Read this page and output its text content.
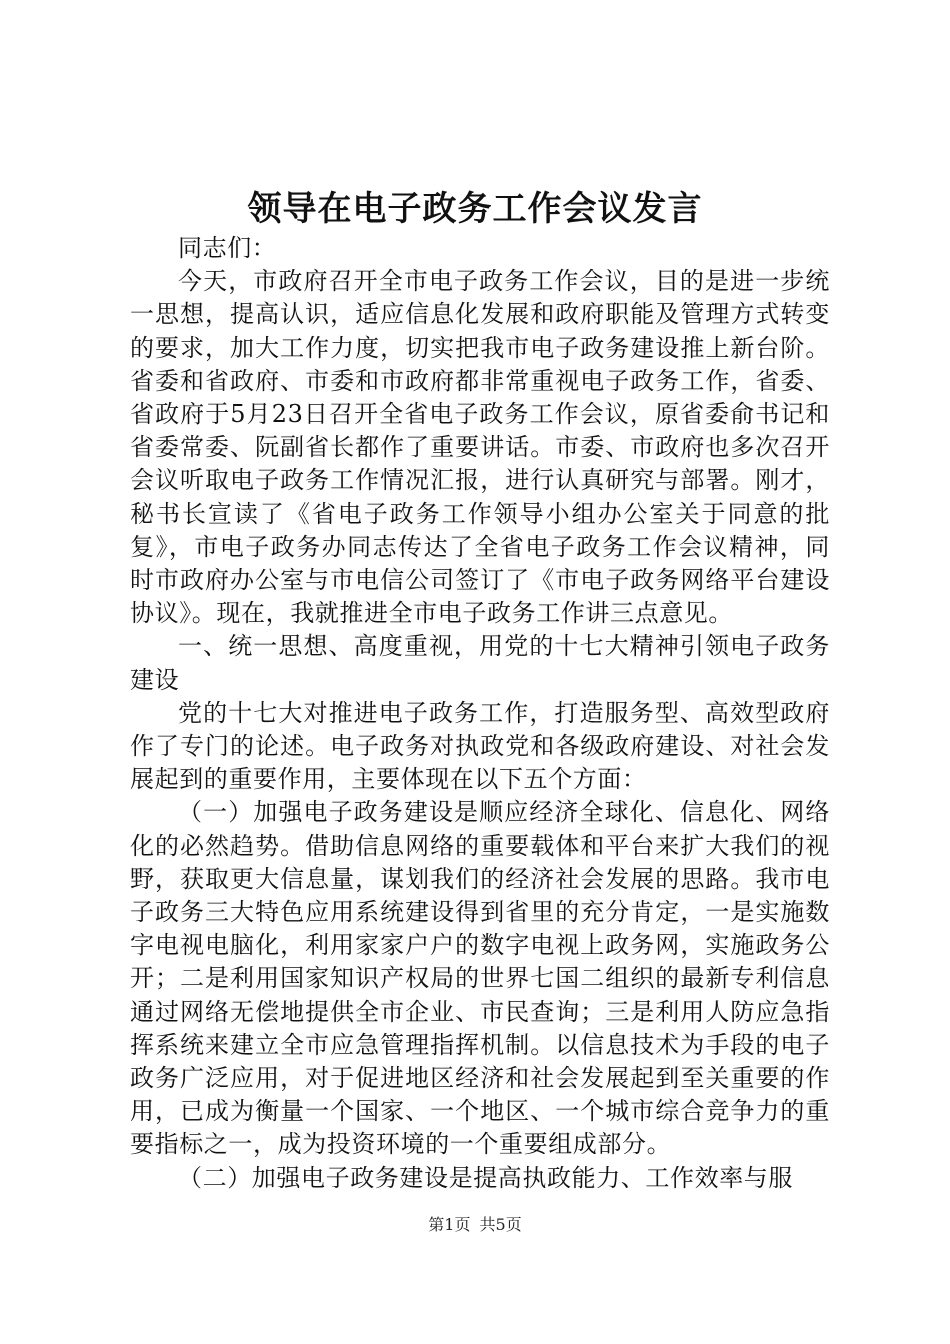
领导在电子政务工作会议发言

同志们：

今天，市政府召开全市电子政务工作会议，目的是进一步统一思想，提高认识，适应信息化发展和政府职能及管理方式转变的要求，加大工作力度，切实把我市电子政务建设推上新台阶。省委和省政府、市委和市政府都非常重视电子政务工作，省委、省政府于5月23日召开全省电子政务工作会议，原省委俞书记和省委常委、阮副省长都作了重要讲话。市委、市政府也多次召开会议听取电子政务工作情况汇报，进行认真研究与部署。刚才，秘书长宣读了《省电子政务工作领导小组办公室关于同意的批复》，市电子政务办同志传达了全省电子政务工作会议精神，同时市政府办公室与市电信公司签订了《市电子政务网络平台建设协议》。现在，我就推进全市电子政务工作讲三点意见。

一、统一思想、高度重视，用党的十七大精神引领电子政务建设

党的十七大对推进电子政务工作，打造服务型、高效型政府作了专门的论述。电子政务对执政党和各级政府建设、对社会发展起到的重要作用，主要体现在以下五个方面：

（一）加强电子政务建设是顺应经济全球化、信息化、网络化的必然趋势。借助信息网络的重要载体和平台来扩大我们的视野，获取更大信息量，谋划我们的经济社会发展的思路。我市电子政务三大特色应用系统建设得到省里的充分肯定，一是实施数字电视电脑化，利用家家户户的数字电视上政务网，实施政务公开；二是利用国家知识产权局的世界七国二组织的最新专利信息通过网络无偿地提供全市企业、市民查询；三是利用人防应急指挥系统来建立全市应急管理指挥机制。以信息技术为手段的电子政务广泛应用，对于促进地区经济和社会发展起到至关重要的作用，已成为衡量一个国家、一个地区、一个城市综合竞争力的重要指标之一，成为投资环境的一个重要组成部分。

（二）加强电子政务建设是提高执政能力、工作效率与服

第1页 共5页
